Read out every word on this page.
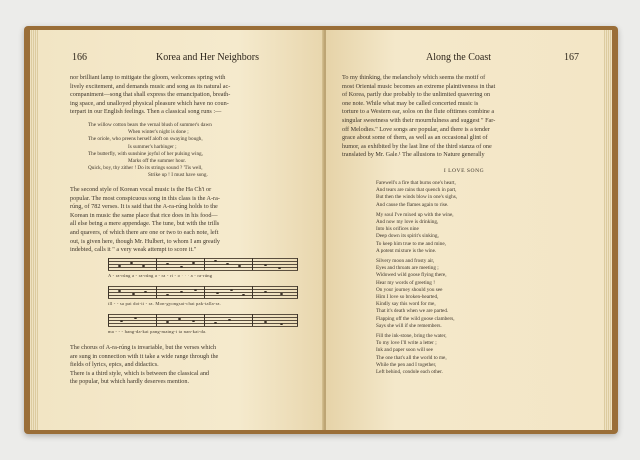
166	Korea and Her Neighbors
nor brilliant lamp to mitigate the gloom, welcomes spring with
lively excitement, and demands music and song as its natural ac-
companiment—song that shall express the emancipation, breath-
ing space, and unalloyed physical pleasure which have no coun-
terpart in our English feelings. Then a classical song runs :—
The willow cotton bears the vernal blush of summer's dawn
When winter's night is done ;
The oriole, who preens herself aloft on swaying bough,
Is summer's harbinger ;
The butterfly, with sunshine joyful of her pulsing wing,
Marks off the summer hour.
Quick, boy, thy zither ! Do its strings sound ? 'Tis well,
Strike up ! I must have song.
The second style of Korean vocal music is the Ha Ch'i or
popular. The most conspicuous song in this class is the A-ra-
rúng, of 782 verses. It is said that the A-ra-rúng holds to the
Korean in music the same place that rice does in his food—
all else being a mere appendage. The tune, but with the trills
and quavers, of which there are one or two to each note, left
out, is given here, though Mr. Hulbert, to whom I am greatly
indebted, calls it " a very weak attempt to score it."
A - ra-rúng a - ra-rúng a - ra - ri - o · · · a - ra-rúng
ill - - sa pai doi-ii - ra. Mon-gyongsai-chai pak-talla-ra.
ma - - - hang-da-kai pang-maing-i ta nan-kai-da.
The chorus of A-ra-rúng is invariable, but the verses which
are sung in connection with it take a wide range through the
fields of lyrics, epics, and didactics.
There is a third style, which is between the classical and
the popular, but which hardly deserves mention.
Along the Coast	167
To my thinking, the melancholy which seems the motif of
most Oriental music becomes an extreme plaintiveness in that
of Korea, partly due probably to the unlimited quavering on
one note. While what may be called concerted music is
torture to a Western ear, solos on the flute ofttimes combine a
singular sweetness with their mournfulness and suggest " Far-
off Melodies." Love songs are popular, and there is a tender
grace about some of them, as well as an occasional glint of
humor, as exhibited by the last line of the third stanza of one
translated by Mr. Gale.¹ The allusions to Nature generally
I LOVE SONG
Farewell's a fire that burns one's heart,
And tears are rains that quench in part,
But then the winds blow in one's sighs,
And cause the flames again to rise.
My soul I've mixed up with the wine,
And now my love is drinking,
Into his orifices nine
Deep down its spirit's sinking,
To keep him true to me and mine,
A potent mixture is the wine.
Silvery moon and frosty air,
Eyes and throats are meeting ;
Widowed wild goose flying there,
Hear my words of greeting !
On your journey should you see
Him I love so broken-hearted,
Kindly say this word for me,
That it's death when we are parted.
Flapping off the wild goose clambers,
Says she will if she remembers.
Fill the ink-stone, bring the water,
To my love I'll write a letter ;
Ink and paper soon will see
The one that's all the world to me,
While the pen and I together,
Left behind, condole each other.
